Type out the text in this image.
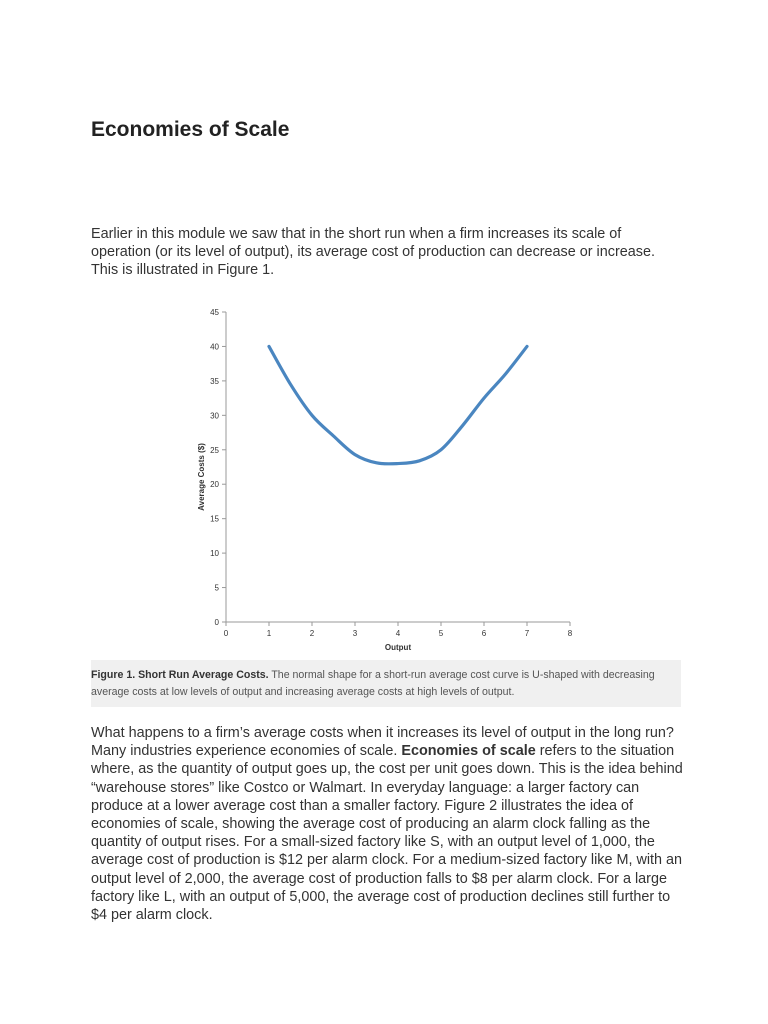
Economies of Scale

Earlier in this module we saw that in the short run when a firm increases its scale of operation (or its level of output), its average cost of production can decrease or increase. This is illustrated in Figure 1.

0
5
10
15
20
25
30
35
40
45
0	1	2	3	4	5	6	7	8
Output
Average Costs ($)
Figure 1. Short Run Average Costs. The normal shape for a short-run average cost curve is U-shaped with decreasing average costs at low levels of output and increasing average costs at high levels of output.

What happens to a firm’s average costs when it increases its level of output in the long run? Many industries experience economies of scale. Economies of scale refers to the situation where, as the quantity of output goes up, the cost per unit goes down. This is the idea behind “warehouse stores” like Costco or Walmart. In everyday language: a larger factory can produce at a lower average cost than a smaller factory. Figure 2 illustrates the idea of economies of scale, showing the average cost of producing an alarm clock falling as the quantity of output rises. For a small-sized factory like S, with an output level of 1,000, the average cost of production is $12 per alarm clock. For a medium-sized factory like M, with an output level of 2,000, the average cost of production falls to $8 per alarm clock. For a large factory like L, with an output of 5,000, the average cost of production declines still further to $4 per alarm clock.
